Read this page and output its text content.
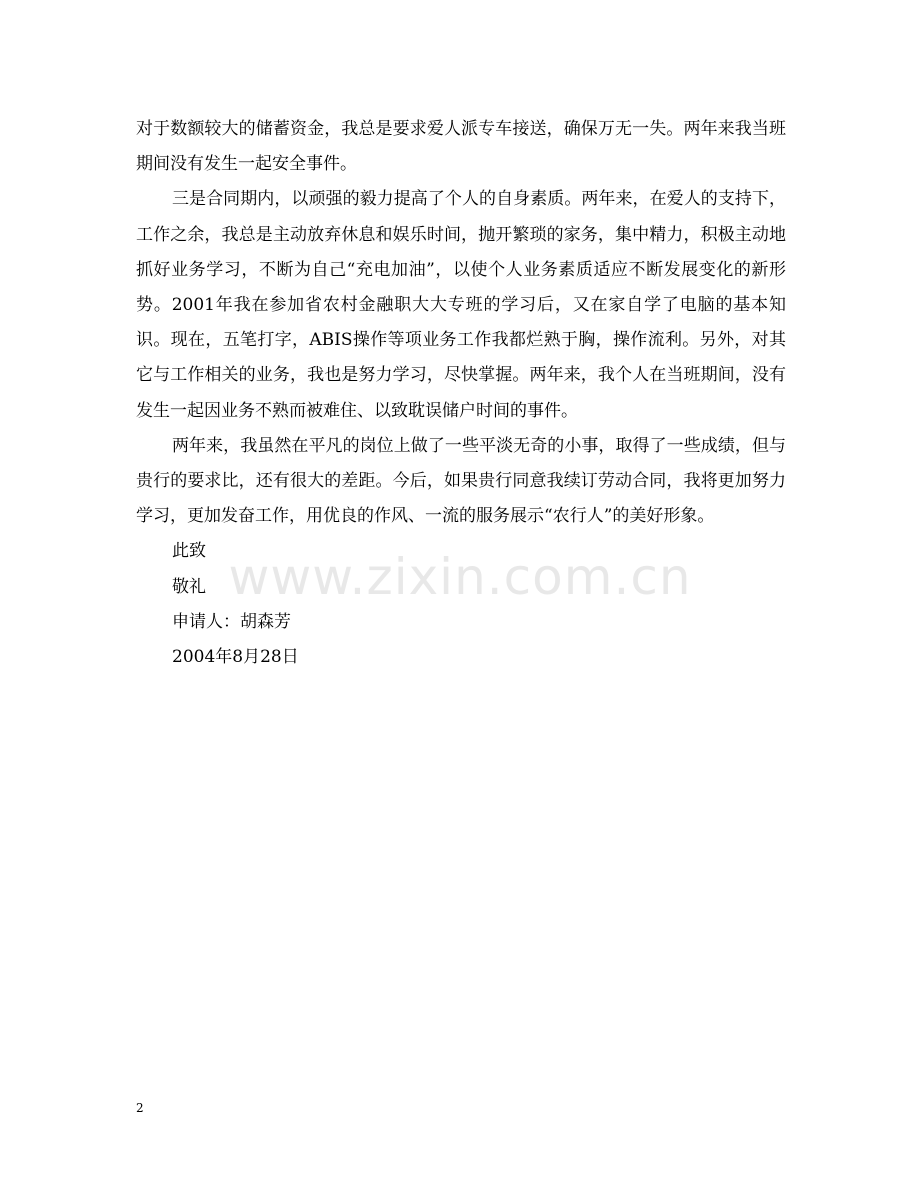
对于数额较大的储蓄资金，我总是要求爱人派专车接送，确保万无一失。两年来我当班期间没有发生一起安全事件。

三是合同期内，以顽强的毅力提高了个人的自身素质。两年来，在爱人的支持下，工作之余，我总是主动放弃休息和娱乐时间，抛开繁琐的家务，集中精力，积极主动地抓好业务学习，不断为自己“充电加油”，以使个人业务素质适应不断发展变化的新形势。2001年我在参加省农村金融职大大专班的学习后，又在家自学了电脑的基本知识。现在，五笔打字，ABIS操作等项业务工作我都烂熟于胸，操作流利。另外，对其它与工作相关的业务，我也是努力学习，尽快掌握。两年来，我个人在当班期间，没有发生一起因业务不熟而被难住、以致耽误储户时间的事件。

两年来，我虽然在平凡的岗位上做了一些平淡无奇的小事，取得了一些成绩，但与贵行的要求比，还有很大的差距。今后，如果贵行同意我续订劳动合同，我将更加努力学习，更加发奋工作，用优良的作风、一流的服务展示“农行人”的美好形象。

此致

敬礼

申请人：胡森芳

2004年8月28日

www.zixin.com.cn
2
